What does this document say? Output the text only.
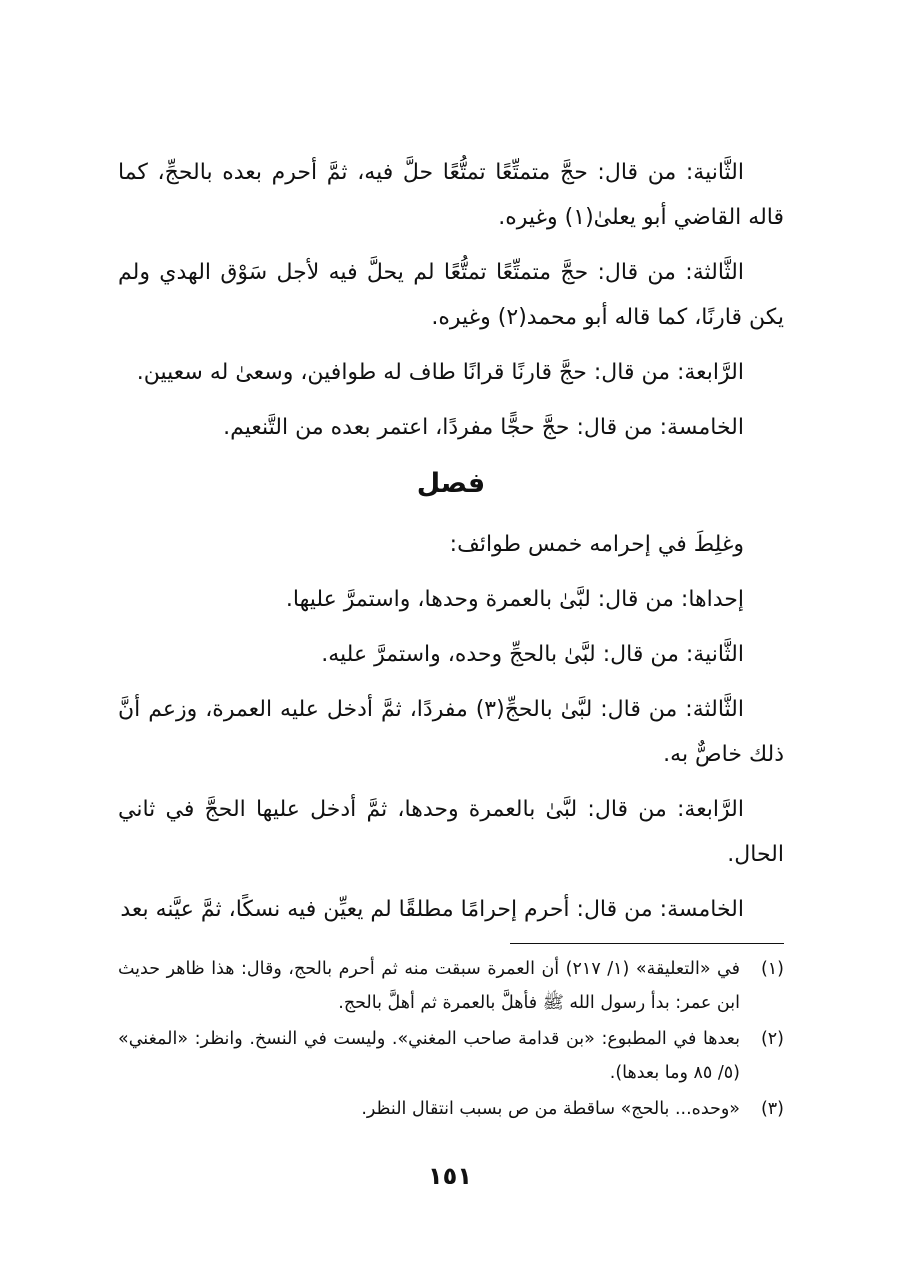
الثَّانية: من قال: حجَّ متمتِّعًا تمتُّعًا حلَّ فيه، ثمَّ أحرم بعده بالحجِّ، كما قاله القاضي أبو يعلىٰ(١) وغيره.

الثَّالثة: من قال: حجَّ متمتِّعًا تمتُّعًا لم يحلَّ فيه لأجل سَوْق الهدي ولم يكن قارنًا، كما قاله أبو محمد(٢) وغيره.

الرَّابعة: من قال: حجَّ قارنًا قرانًا طاف له طوافين، وسعىٰ له سعيين.

الخامسة: من قال: حجَّ حجًّا مفردًا، اعتمر بعده من التَّنعيم.

فصل

وغلِطَ في إحرامه خمس طوائف:

إحداها: من قال: لبَّىٰ بالعمرة وحدها، واستمرَّ عليها.

الثَّانية: من قال: لبَّىٰ بالحجِّ وحده، واستمرَّ عليه.

الثَّالثة: من قال: لبَّىٰ بالحجِّ(٣) مفردًا، ثمَّ أدخل عليه العمرة، وزعم أنَّ ذلك خاصٌّ به.

الرَّابعة: من قال: لبَّىٰ بالعمرة وحدها، ثمَّ أدخل عليها الحجَّ في ثاني الحال.

الخامسة: من قال: أحرم إحرامًا مطلقًا لم يعيِّن فيه نسكًا، ثمَّ عيَّنه بعد

(١)
في «التعليقة» (١/ ٢١٧) أن العمرة سبقت منه ثم أحرم بالحج، وقال: هذا ظاهر حديث ابن عمر: بدأ رسول الله ﷺ فأهلَّ بالعمرة ثم أهلَّ بالحج.
(٢)
بعدها في المطبوع: «بن قدامة صاحب المغني». وليست في النسخ. وانظر: «المغني» (٥/ ٨٥ وما بعدها).
(٣)
«وحده... بالحج» ساقطة من ص بسبب انتقال النظر.
١٥١
